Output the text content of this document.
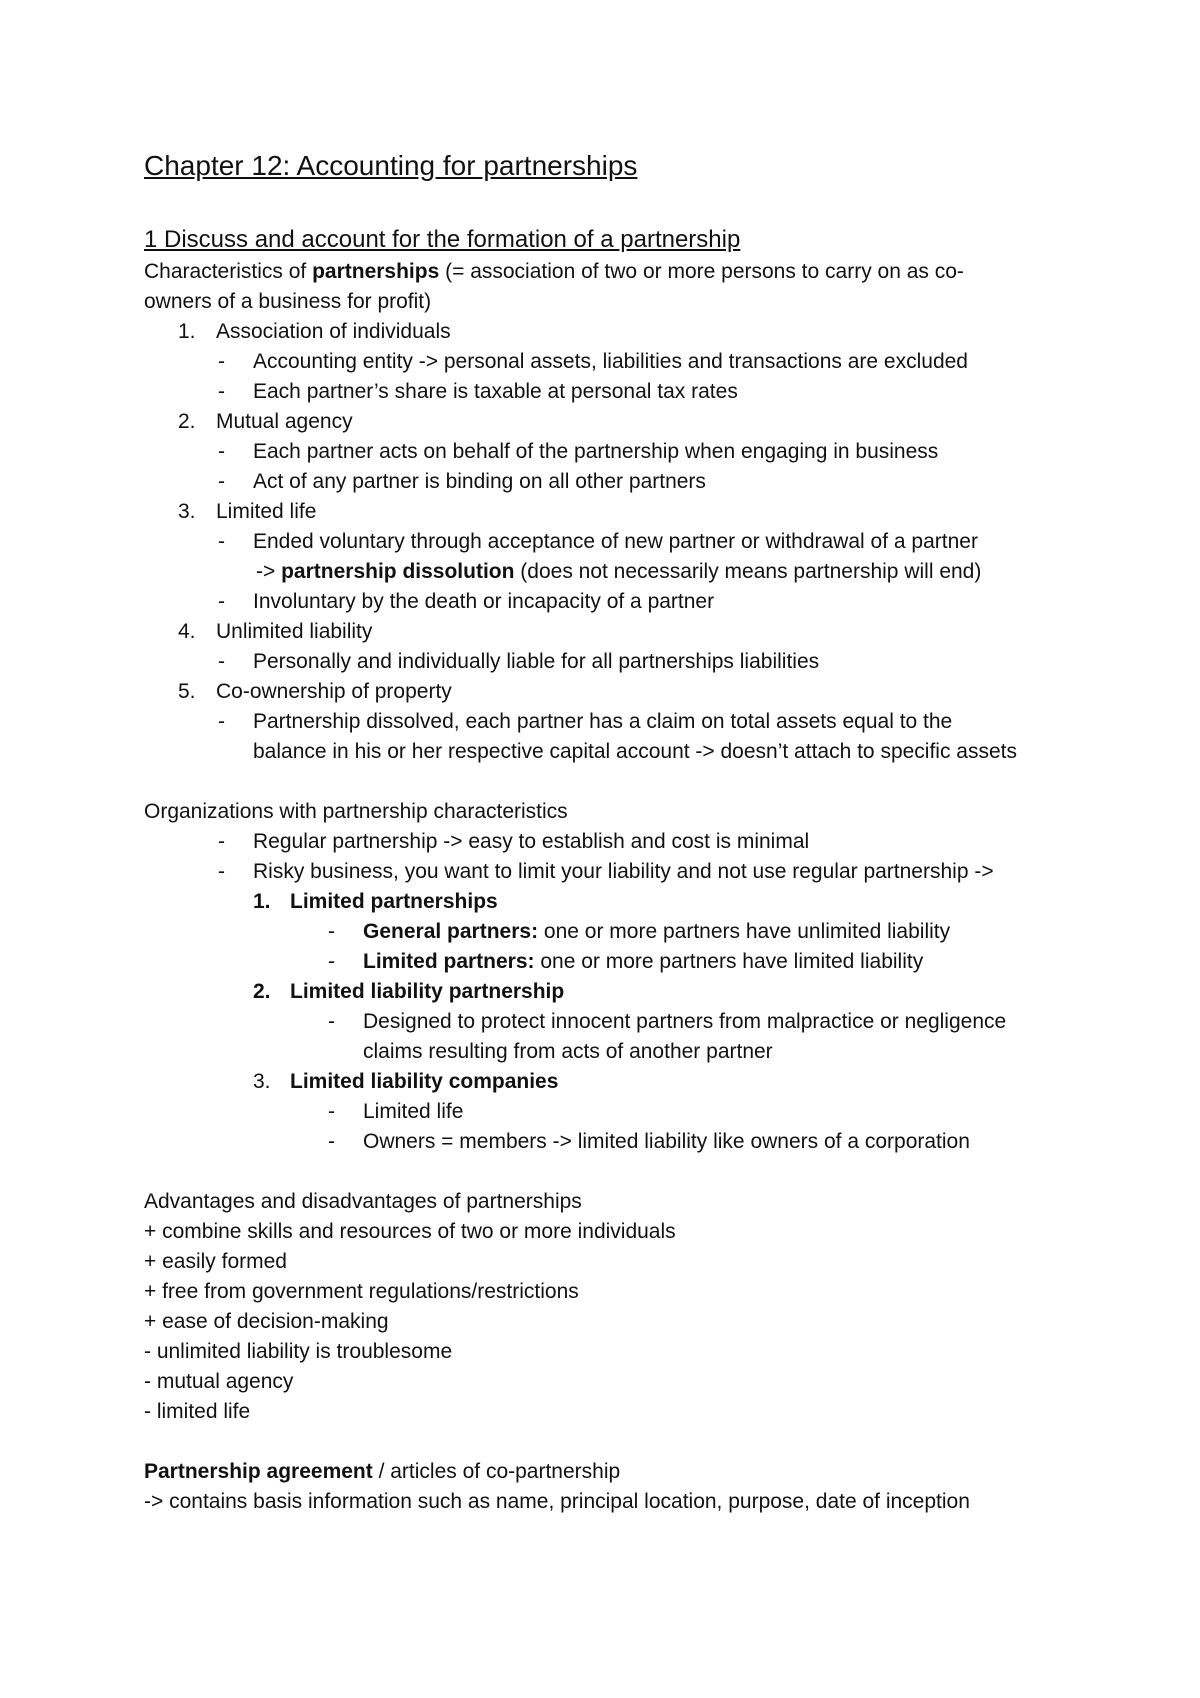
Chapter 12: Accounting for partnerships
1 Discuss and account for the formation of a partnership
Characteristics of partnerships (= association of two or more persons to carry on as co-
owners of a business for profit)
1. Association of individuals
- Accounting entity -> personal assets, liabilities and transactions are excluded
- Each partner’s share is taxable at personal tax rates
2. Mutual agency
- Each partner acts on behalf of the partnership when engaging in business
- Act of any partner is binding on all other partners
3. Limited life
- Ended voluntary through acceptance of new partner or withdrawal of a partner
-> partnership dissolution (does not necessarily means partnership will end)
- Involuntary by the death or incapacity of a partner
4. Unlimited liability
- Personally and individually liable for all partnerships liabilities
5. Co-ownership of property
- Partnership dissolved, each partner has a claim on total assets equal to the
balance in his or her respective capital account -> doesn’t attach to specific assets
Organizations with partnership characteristics
- Regular partnership -> easy to establish and cost is minimal
- Risky business, you want to limit your liability and not use regular partnership ->
1. Limited partnerships
- General partners: one or more partners have unlimited liability
- Limited partners: one or more partners have limited liability
2. Limited liability partnership
- Designed to protect innocent partners from malpractice or negligence
claims resulting from acts of another partner
3. Limited liability companies
- Limited life
- Owners = members -> limited liability like owners of a corporation
Advantages and disadvantages of partnerships
+ combine skills and resources of two or more individuals
+ easily formed
+ free from government regulations/restrictions
+ ease of decision-making
- unlimited liability is troublesome
- mutual agency
- limited life
Partnership agreement / articles of co-partnership
-> contains basis information such as name, principal location, purpose, date of inception
